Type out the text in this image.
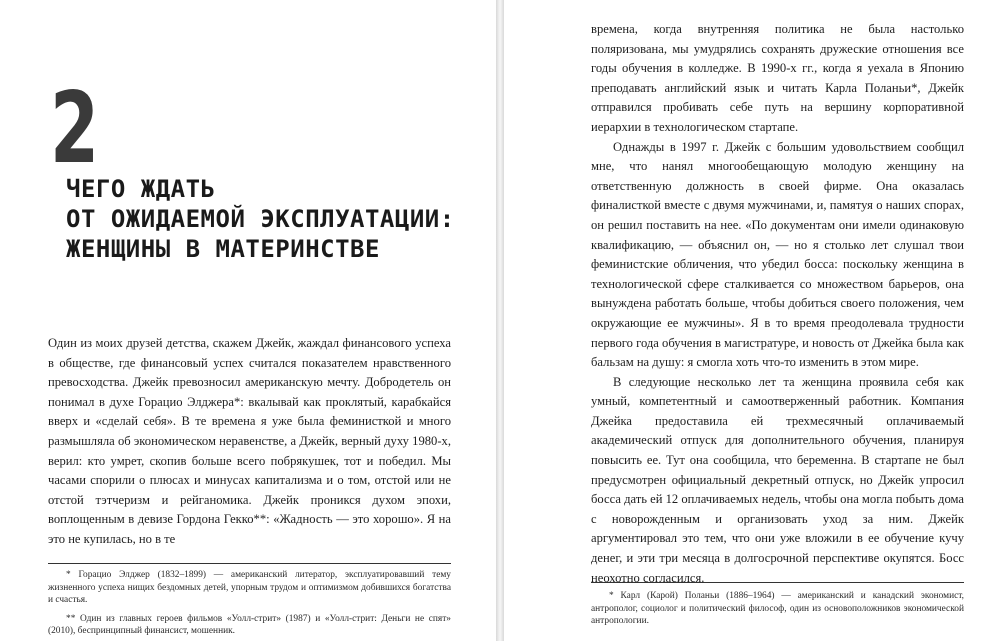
2
ЧЕГО ЖДАТЬ
ОТ ОЖИДАЕМОЙ ЭКСПЛУАТАЦИИ:
ЖЕНЩИНЫ В МАТЕРИНСТВЕ

Один из моих друзей детства, скажем Джейк, жаждал финансового успеха в обществе, где финансовый успех считался показателем нравственного превосходства. Джейк превозносил американскую мечту. Добродетель он понимал в духе Горацио Элджера*: вкалывай как проклятый, карабкайся вверх и «сделай себя». В те времена я уже была феминисткой и много размышляла об экономическом неравенстве, а Джейк, верный духу 1980-х, верил: кто умрет, скопив больше всего побрякушек, тот и победил. Мы часами спорили о плюсах и минусах капитализма и о том, отстой или не отстой тэтчеризм и рейганомика. Джейк проникся духом эпохи, воплощенным в девизе Гордона Гекко**: «Жадность — это хорошо». Я на это не купилась, но в те

* Горацио Элджер (1832–1899) — американский литератор, эксплуатировавший тему жизненного успеха нищих бездомных детей, упорным трудом и оптимизмом добившихся богатства и счастья.

** Один из главных героев фильмов «Уолл-стрит» (1987) и «Уолл-стрит: Деньги не спят» (2010), беспринципный финансист, мошенник.

времена, когда внутренняя политика не была настолько поляризована, мы умудрялись сохранять дружеские отношения все годы обучения в колледже. В 1990-х гг., когда я уехала в Японию преподавать английский язык и читать Карла Поланьи*, Джейк отправился пробивать себе путь на вершину корпоративной иерархии в технологическом стартапе.

Однажды в 1997 г. Джейк с большим удовольствием сообщил мне, что нанял многообещающую молодую женщину на ответственную должность в своей фирме. Она оказалась финалисткой вместе с двумя мужчинами, и, памятуя о наших спорах, он решил поставить на нее. «По документам они имели одинаковую квалификацию, — объяснил он, — но я столько лет слушал твои феминистские обличения, что убедил босса: поскольку женщина в технологической сфере сталкивается со множеством барьеров, она вынуждена работать больше, чтобы добиться своего положения, чем окружающие ее мужчины». Я в то время преодолевала трудности первого года обучения в магистратуре, и новость от Джейка была как бальзам на душу: я смогла хоть что-то изменить в этом мире.

В следующие несколько лет та женщина проявила себя как умный, компетентный и самоотверженный работник. Компания Джейка предоставила ей трехмесячный оплачиваемый академический отпуск для дополнительного обучения, планируя повысить ее. Тут она сообщила, что беременна. В стартапе не был предусмотрен официальный декретный отпуск, но Джейк упросил босса дать ей 12 оплачиваемых недель, чтобы она могла побыть дома с новорожденным и организовать уход за ним. Джейк аргументировал это тем, что они уже вложили в ее обучение кучу денег, и эти три месяца в долгосрочной перспективе окупятся. Босс неохотно согласился.

* Карл (Карой) Поланьи (1886–1964) — американский и канадский экономист, антрополог, социолог и политический философ, один из основоположников экономической антропологии.
